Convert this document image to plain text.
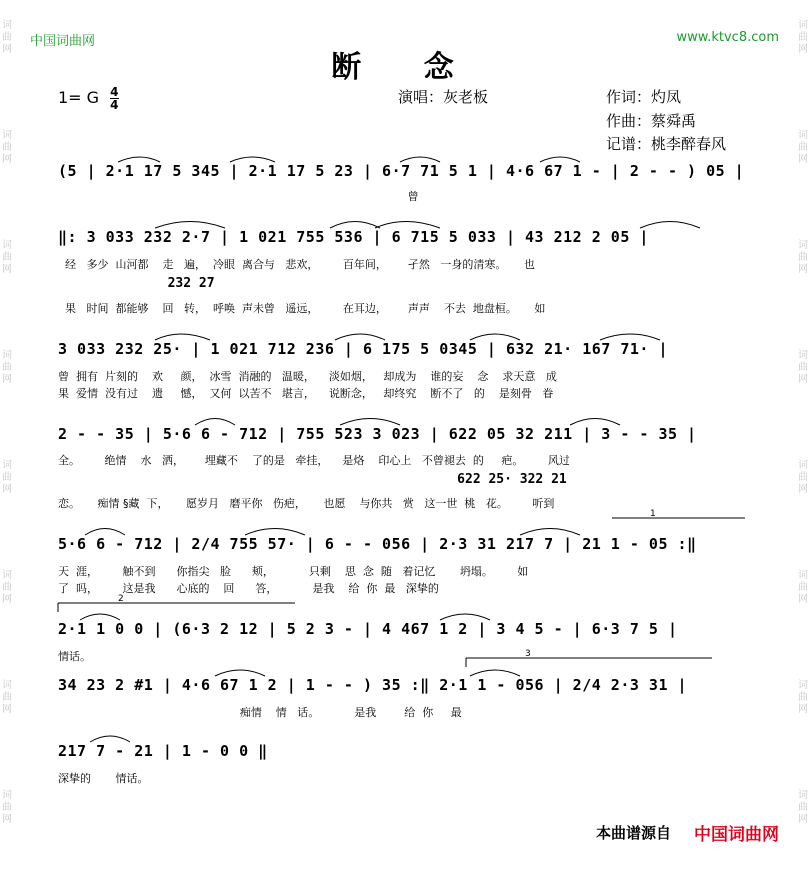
词
曲
网
词
曲
网
词
曲
网
词
曲
网
词
曲
网
词
曲
网
词
曲
网
词
曲
网
词
曲
网
词
曲
网
词
曲
网
词
曲
网
词
曲
网
词
曲
网
词
曲
网
词
曲
网
中国词曲网	www.ktvc8.com
断 念
1= G $\frac{4}{4}$	演唱：灰老板	作词：灼凤
作曲：蔡舜禹
记谱：桃李醉春风
(5 | 2·1 17 5 345 | 2·1 17 5 23 | 6·7 71 5 1 | 4·6 67 1 - | 2 - - ) 05 |
曾
‖: 3 033 232 2·7 | 1 021 755 536 | 6 715 5 033 | 43 212 2 05 |
经   多少  山河都    走   遍，  冷眼  离合与   悲欢，       百年间，      孑然   一身的清寒。     也
232 27
果   时间  都能够    回   转，  呼唤  声未曾   遥远，       在耳边，      声声    不去  地盘桓。     如
3 033 232 25· | 1 021 712 236 | 6 175 5 0345 | 632 21· 167 71· |
曾  拥有  片刻的    欢     颜，  冰雪  消融的   温暖，    淡如烟，   却成为    谁的妄    念    求天意   成
果  爱情  没有过    遗     憾，  又何  以苦不   堪言，    说断念，   却终究    断不了   的    是刻骨   眷
2 - - 35 | 5·6 6 - 712 | 755 523 3 023 | 622 05 32 211 | 3 - - 35 |
全。       绝情    水   洒，      埋藏不    了的是   牵挂，    是烙    印心上   不曾褪去  的     疤。       风过
622 25· 322 21
恋。     痴情 §藏  下，     愿岁月   磨平你   伤疤，     也愿    与你共   赏   这一世  桃   花。       听到
5·6 6 - 712 | 2/4 755 57· | 6 - - 056 | 2·3 31 217 7 | 21 1 - 05 :‖
天  涯，       触不到      你指尖   脸      颊，          只剩    思  念  随   着记忆       坍塌。       如
了  吗，       这是我      心底的    回      答，          是我    给  你  最   深挚的
2·1 1 0 0 | (6·3 2 12 | 5 2 3 - | 4 467 1 2 | 3 4 5 - | 6·3 7 5 |
情话。
34 23 2 #1 | 4·6 67 1 2 | 1 - - ) 35 :‖ 2·1 1 - 056 | 2/4 2·3 31 |
痴情    情   话。          是我        给  你     最
217 7 - 21 | 1 - 0 0 ‖
深挚的       情话。
1
2
3
本曲谱源自 中国词曲网
